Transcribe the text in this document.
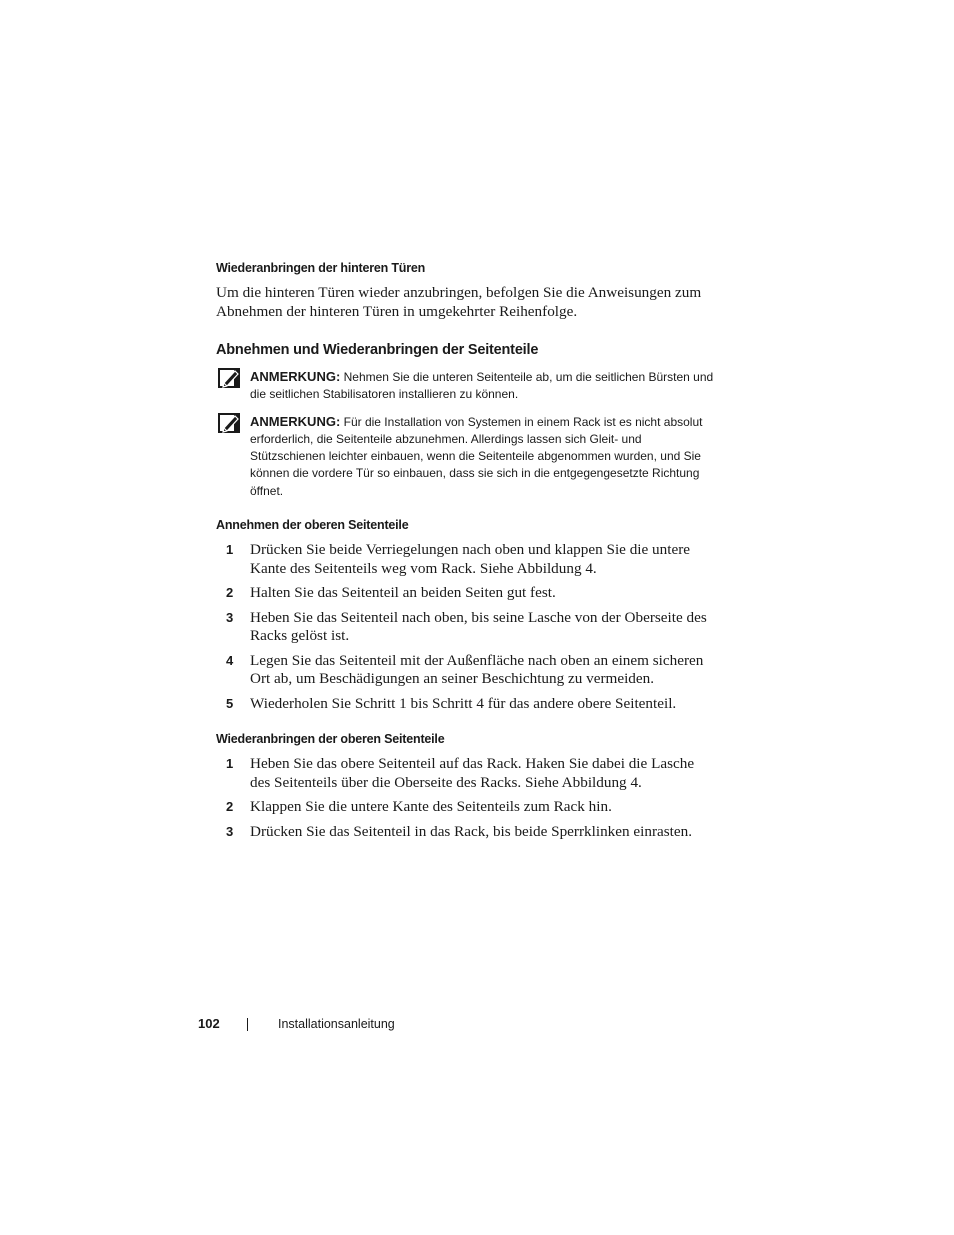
Wiederanbringen der hinteren Türen

Um die hinteren Türen wieder anzubringen, befolgen Sie die Anweisungen zum Abnehmen der hinteren Türen in umgekehrter Reihenfolge.

Abnehmen und Wiederanbringen der Seitenteile
ANMERKUNG: Nehmen Sie die unteren Seitenteile ab, um die seitlichen Bürsten und die seitlichen Stabilisatoren installieren zu können.
ANMERKUNG: Für die Installation von Systemen in einem Rack ist es nicht absolut erforderlich, die Seitenteile abzunehmen. Allerdings lassen sich Gleit- und Stützschienen leichter einbauen, wenn die Seitenteile abgenommen wurden, und Sie können die vordere Tür so einbauen, dass sie sich in die entgegengesetzte Richtung öffnet.
Annehmen der oberen Seitenteile
1 Drücken Sie beide Verriegelungen nach oben und klappen Sie die untere Kante des Seitenteils weg vom Rack. Siehe Abbildung 4.
2 Halten Sie das Seitenteil an beiden Seiten gut fest.
3 Heben Sie das Seitenteil nach oben, bis seine Lasche von der Oberseite des Racks gelöst ist.
4 Legen Sie das Seitenteil mit der Außenfläche nach oben an einem sicheren Ort ab, um Beschädigungen an seiner Beschichtung zu vermeiden.
5 Wiederholen Sie Schritt 1 bis Schritt 4 für das andere obere Seitenteil.
Wiederanbringen der oberen Seitenteile
1 Heben Sie das obere Seitenteil auf das Rack. Haken Sie dabei die Lasche des Seitenteils über die Oberseite des Racks. Siehe Abbildung 4.
2 Klappen Sie die untere Kante des Seitenteils zum Rack hin.
3 Drücken Sie das Seitenteil in das Rack, bis beide Sperrklinken einrasten.
102	Installationsanleitung
